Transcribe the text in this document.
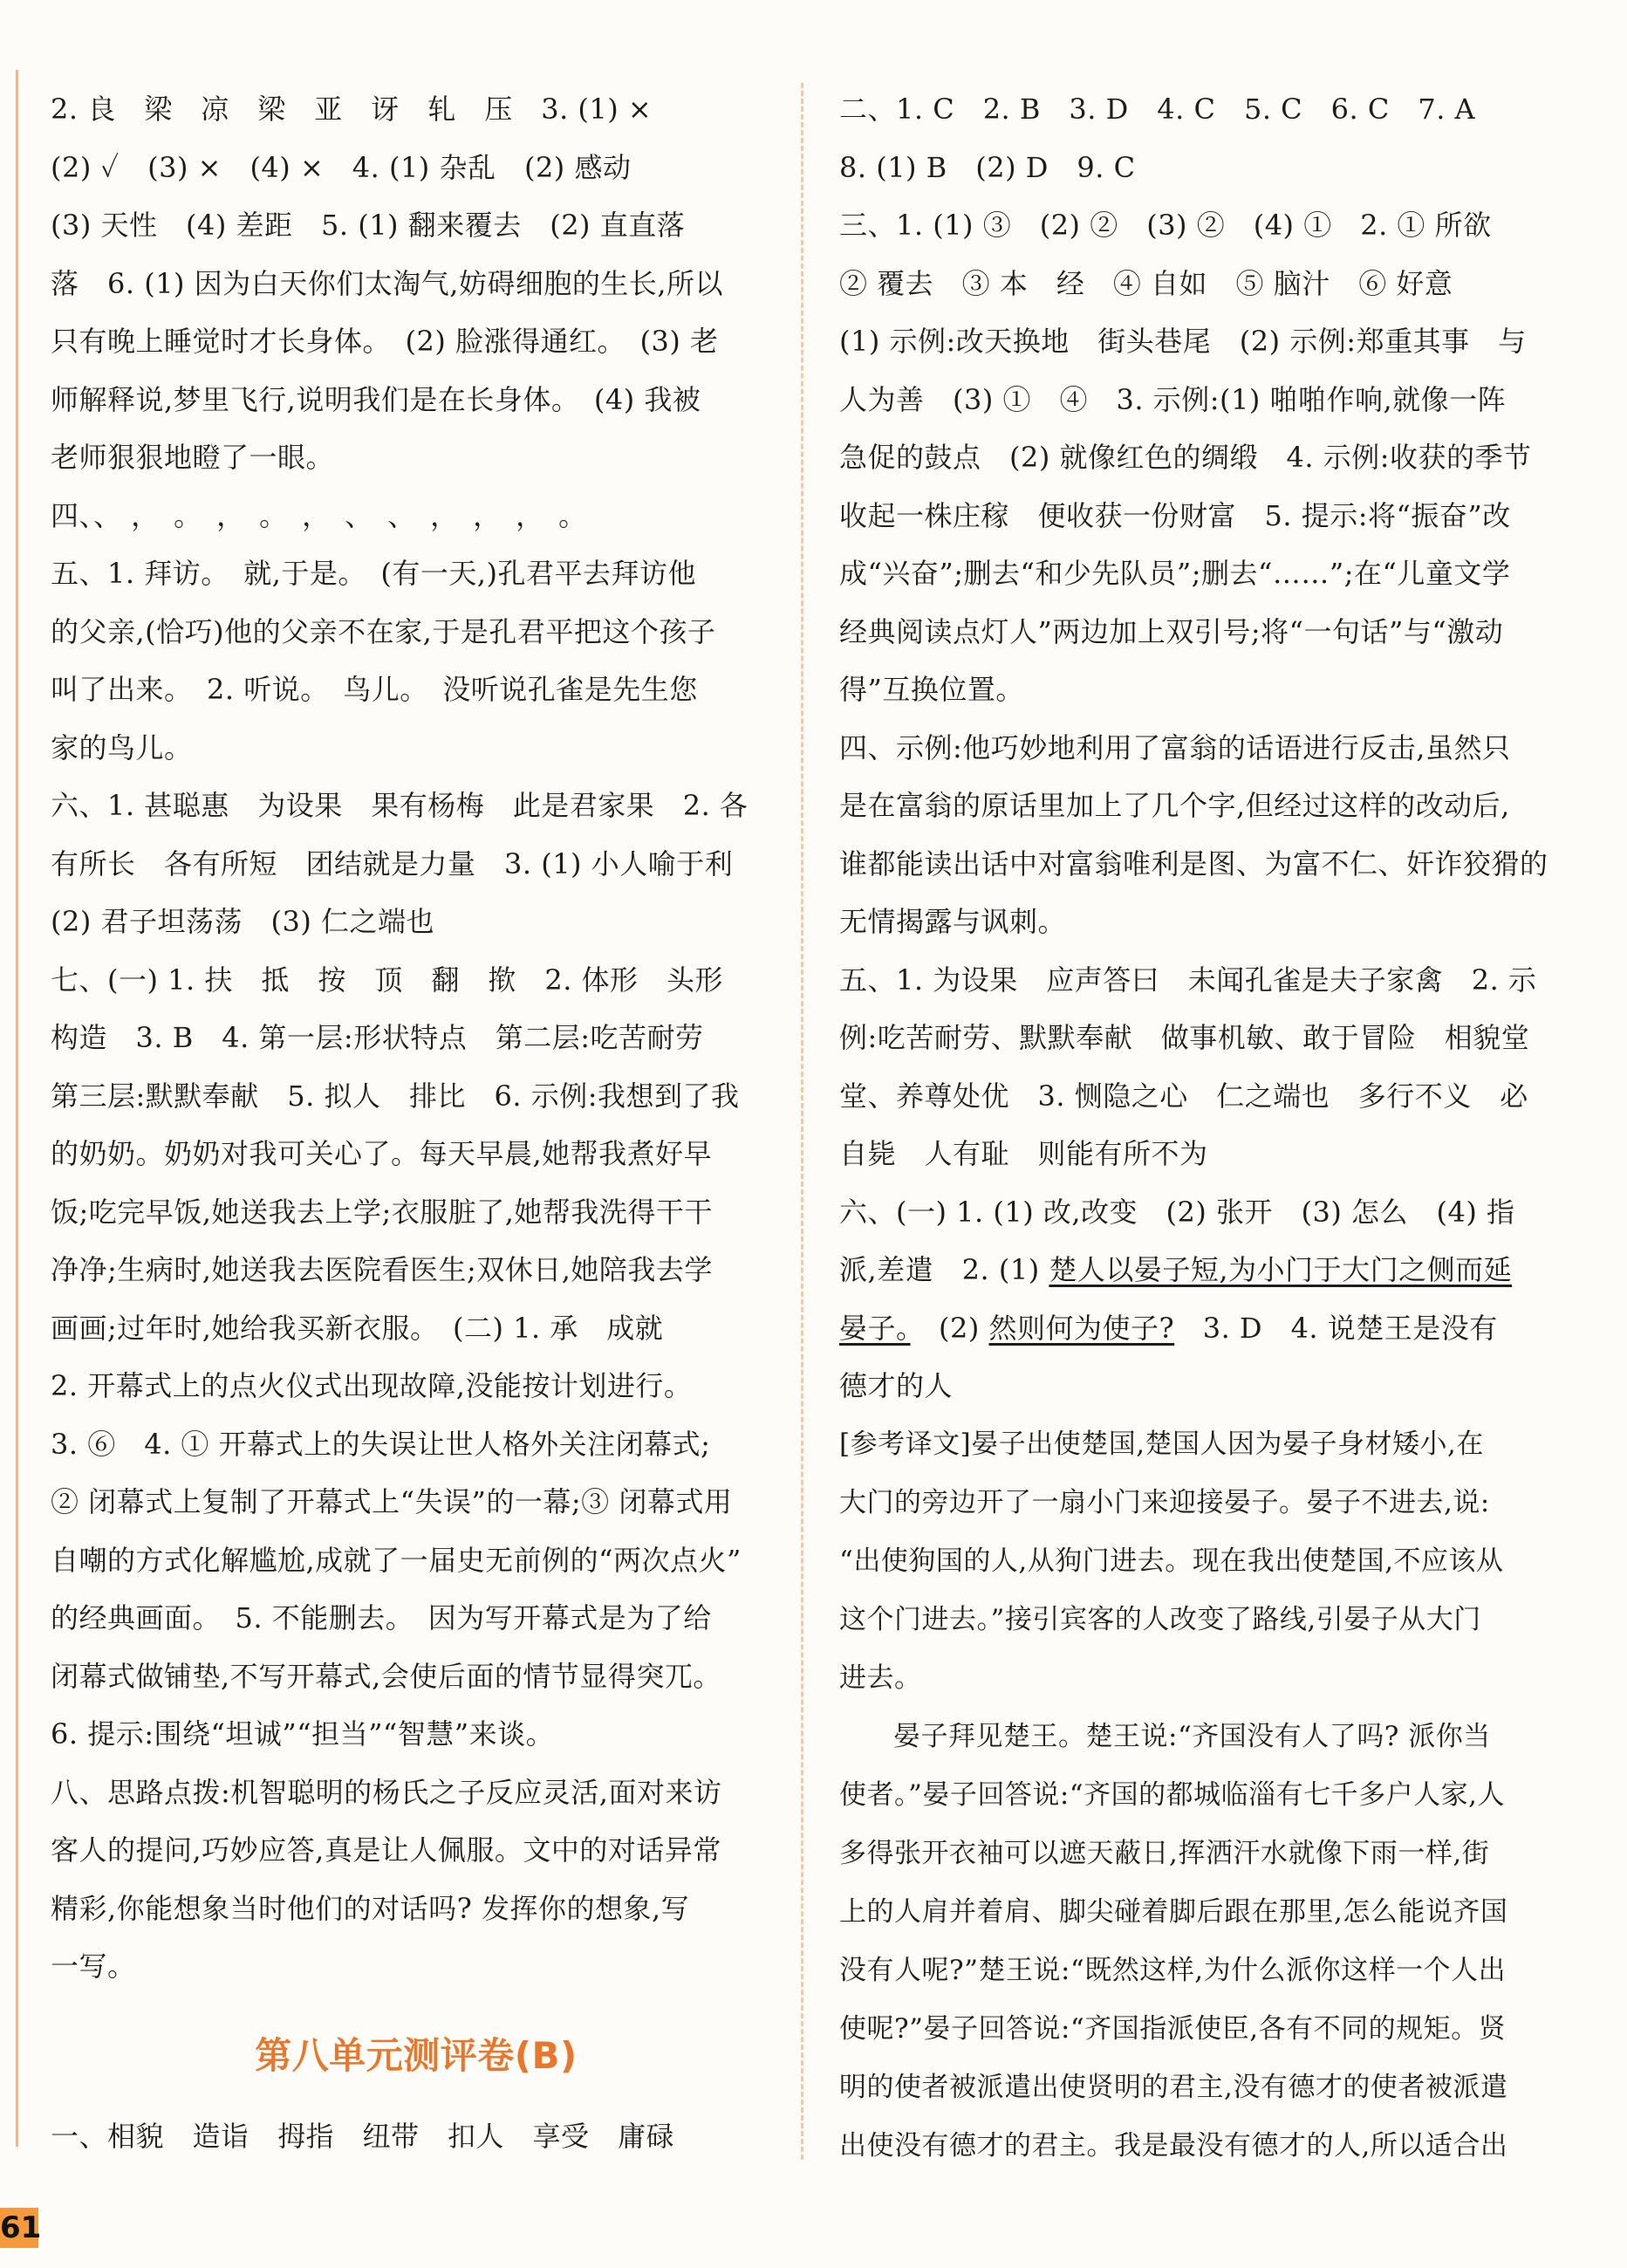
2. 良　梁　凉　梁　亚　讶　轧　压　3. (1) ×

(2) ✓　(3) ×　(4) ×　4. (1) 杂乱　(2) 感动

(3) 天性　(4) 差距　5. (1) 翻来覆去　(2) 直直落

落　6. (1) 因为白天你们太淘气,妨碍细胞的生长,所以

只有晚上睡觉时才长身体。　(2) 脸涨得通红。　(3) 老

师解释说,梦里飞行,说明我们是在长身体。　(4) 我被

老师狠狠地瞪了一眼。

四、、 ，　。　，　。　，　、　、　，　，　，　。

五、1. 拜访。　就,于是。　(有一天,)孔君平去拜访他

的父亲,(恰巧)他的父亲不在家,于是孔君平把这个孩子

叫了出来。　2. 听说。　鸟儿。　没听说孔雀是先生您

家的鸟儿。

六、1. 甚聪惠　为设果　果有杨梅　此是君家果　2. 各

有所长　各有所短　团结就是力量　3. (1) 小人喻于利

(2) 君子坦荡荡　(3) 仁之端也

七、(一) 1. 扶　抵　按　顶　翻　揿　2. 体形　头形

构造　3. B　4. 第一层:形状特点　第二层:吃苦耐劳

第三层:默默奉献　5. 拟人　排比　6. 示例:我想到了我

的奶奶。奶奶对我可关心了。每天早晨,她帮我煮好早

饭;吃完早饭,她送我去上学;衣服脏了,她帮我洗得干干

净净;生病时,她送我去医院看医生;双休日,她陪我去学

画画;过年时,她给我买新衣服。　(二) 1. 承　成就

2. 开幕式上的点火仪式出现故障,没能按计划进行。

3. ⑥　4. ① 开幕式上的失误让世人格外关注闭幕式;

② 闭幕式上复制了开幕式上“失误”的一幕;③ 闭幕式用

自嘲的方式化解尴尬,成就了一届史无前例的“两次点火”

的经典画面。　5. 不能删去。　因为写开幕式是为了给

闭幕式做铺垫,不写开幕式,会使后面的情节显得突兀。

6. 提示:围绕“坦诚”“担当”“智慧”来谈。

八、思路点拨:机智聪明的杨氏之子反应灵活,面对来访

客人的提问,巧妙应答,真是让人佩服。文中的对话异常

精彩,你能想象当时他们的对话吗? 发挥你的想象,写

一写。

第八单元测评卷(B)

一、相貌　造诣　拇指　纽带　扣人　享受　庸碌

二、1. C　2. B　3. D　4. C　5. C　6. C　7. A

8. (1) B　(2) D　9. C

三、1. (1) ③　(2) ②　(3) ②　(4) ①　2. ① 所欲

② 覆去　③ 本　经　④ 自如　⑤ 脑汁　⑥ 好意

(1) 示例:改天换地　街头巷尾　(2) 示例:郑重其事　与

人为善　(3) ①　④　3. 示例:(1) 啪啪作响,就像一阵

急促的鼓点　(2) 就像红色的绸缎　4. 示例:收获的季节

收起一株庄稼　便收获一份财富　5. 提示:将“振奋”改

成“兴奋”;删去“和少先队员”;删去“……”;在“儿童文学

经典阅读点灯人”两边加上双引号;将“一句话”与“激动

得”互换位置。

四、示例:他巧妙地利用了富翁的话语进行反击,虽然只

是在富翁的原话里加上了几个字,但经过这样的改动后,

谁都能读出话中对富翁唯利是图、为富不仁、奸诈狡猾的

无情揭露与讽刺。

五、1. 为设果　应声答曰　未闻孔雀是夫子家禽　2. 示

例:吃苦耐劳、默默奉献　做事机敏、敢于冒险　相貌堂

堂、养尊处优　3. 恻隐之心　仁之端也　多行不义　必

自毙　人有耻　则能有所不为

六、(一) 1. (1) 改,改变　(2) 张开　(3) 怎么　(4) 指

派,差遣　2. (1) 楚人以晏子短,为小门于大门之侧而延

晏子。　(2) 然则何为使子?　3. D　4. 说楚王是没有

德才的人

[参考译文]晏子出使楚国,楚国人因为晏子身材矮小,在

大门的旁边开了一扇小门来迎接晏子。晏子不进去,说:

“出使狗国的人,从狗门进去。现在我出使楚国,不应该从

这个门进去。”接引宾客的人改变了路线,引晏子从大门

进去。

晏子拜见楚王。楚王说:“齐国没有人了吗? 派你当

使者。”晏子回答说:“齐国的都城临淄有七千多户人家,人

多得张开衣袖可以遮天蔽日,挥洒汗水就像下雨一样,街

上的人肩并着肩、脚尖碰着脚后跟在那里,怎么能说齐国

没有人呢?”楚王说:“既然这样,为什么派你这样一个人出

使呢?”晏子回答说:“齐国指派使臣,各有不同的规矩。贤

明的使者被派遣出使贤明的君主,没有德才的使者被派遣

出使没有德才的君主。我是最没有德才的人,所以适合出

61
